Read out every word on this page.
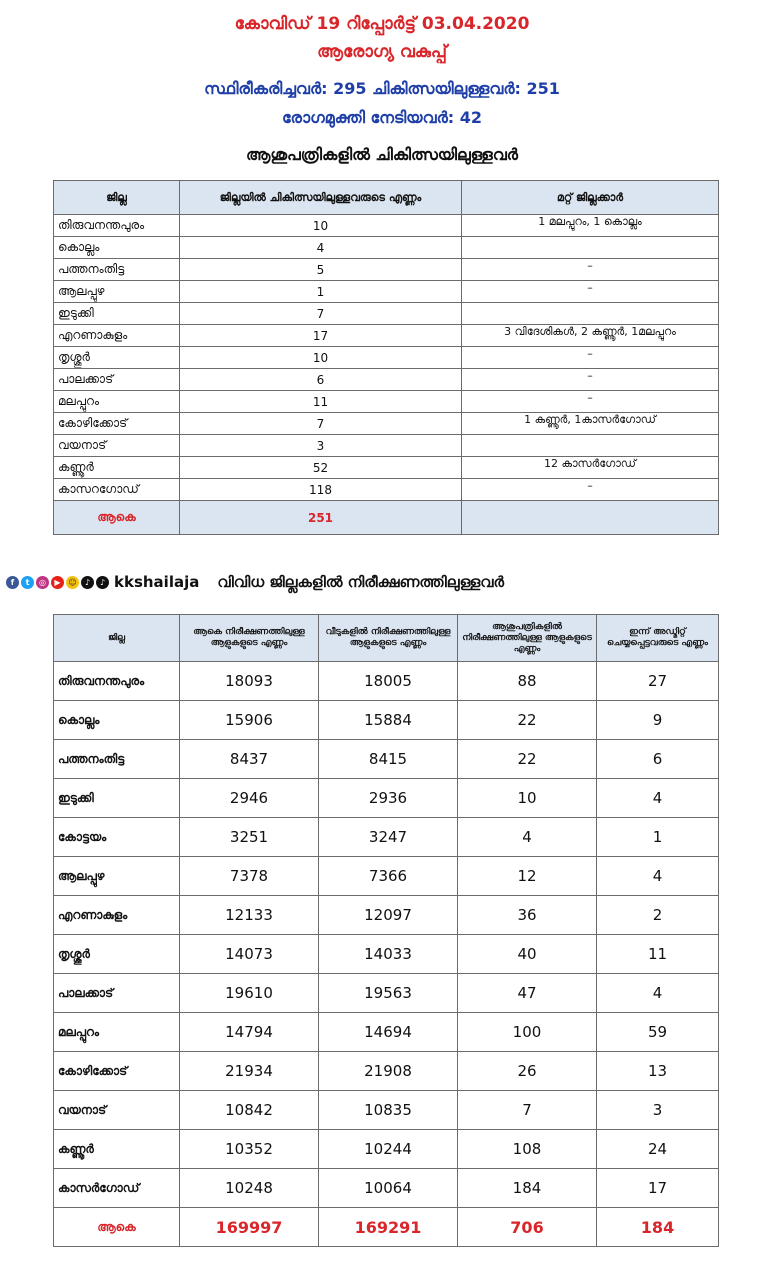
കോവിഡ് 19 റിപ്പോർട്ട് 03.04.2020
ആരോഗ്യ വകുപ്പ്
സ്ഥിരീകരിച്ചവർ: 295 ചികിത്സയിലുള്ളവർ: 251
രോഗമുക്തി നേടിയവർ: 42
ആശുപത്രികളിൽ ചികിത്സയിലുള്ളവർ
ജില്ല	ജില്ലയിൽ ചികിത്സയിലുള്ളവരുടെ എണ്ണം	മറ്റ് ജില്ലക്കാർ
തിരുവനന്തപുരം	10	1 മലപ്പുറം, 1 കൊല്ലം
കൊല്ലം	4	
പത്തനംതിട്ട	5	–
ആലപ്പുഴ	1	–
ഇടുക്കി	7	
എറണാകുളം	17	3 വിദേശികൾ, 2 കണ്ണൂർ, 1മലപ്പുറം
തൃശ്ശൂർ	10	–
പാലക്കാട്	6	–
മലപ്പുറം	11	–
കോഴിക്കോട്	7	1 കണ്ണൂർ, 1കാസർഗോഡ്
വയനാട്	3	
കണ്ണൂർ	52	12 കാസർഗോഡ്
കാസറഗോഡ്	118	–
ആകെ	251	
f	t	◎	▶ ☺	♪	♪ kkshailaja വിവിധ ജില്ലകളിൽ നിരീക്ഷണത്തിലുള്ളവർ
ജില്ല	ആകെ നിരീക്ഷണത്തിലുള്ള ആളുകളുടെ എണ്ണം	വീടുകളിൽ നിരീക്ഷണത്തിലുള്ള ആളുകളുടെ എണ്ണം	ആശുപത്രികളിൽ നിരീക്ഷണത്തിലുള്ള ആളുകളുടെ എണ്ണം	ഇന്ന് അഡ്മിറ്റ് ചെയ്യപ്പെട്ടവരുടെ എണ്ണം
തിരുവനന്തപുരം	18093	18005	88	27
കൊല്ലം	15906	15884	22	9
പത്തനംതിട്ട	8437	8415	22	6
ഇടുക്കി	2946	2936	10	4
കോട്ടയം	3251	3247	4	1
ആലപ്പുഴ	7378	7366	12	4
എറണാകുളം	12133	12097	36	2
തൃശ്ശൂർ	14073	14033	40	11
പാലക്കാട്	19610	19563	47	4
മലപ്പുറം	14794	14694	100	59
കോഴിക്കോട്	21934	21908	26	13
വയനാട്	10842	10835	7	3
കണ്ണൂർ	10352	10244	108	24
കാസർഗോഡ്	10248	10064	184	17
ആകെ	169997	169291	706	184
